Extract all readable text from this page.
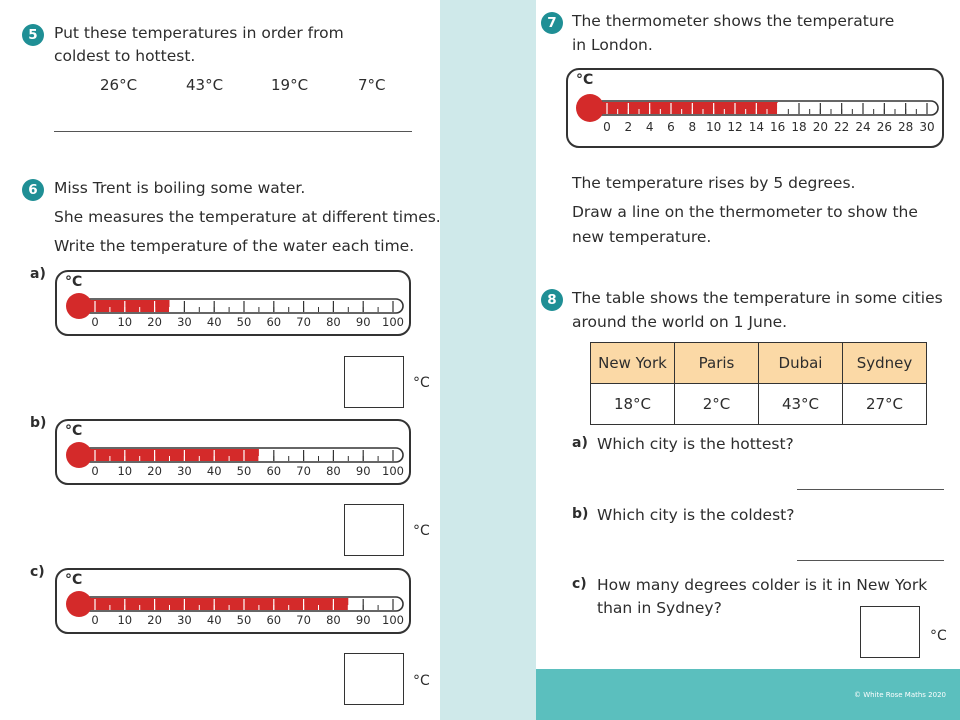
5	Put these temperatures in order from
coldest to hottest.
26°C	43°C	19°C	7°C
6	Miss Trent is boiling some water.
She measures the temperature at different times.
Write the temperature of the water each time.
a) °C
0 10 20 30 40 50 60 70 80 90 100
°C
b) °C
0 10 20 30 40 50 60 70 80 90 100
°C
c) °C
0 10 20 30 40 50 60 70 80 90 100
°C
7 The thermometer shows the temperature
in London.
°C
0 2 4 6 8 10 12 14 16 18 20 22 24 26 28 30
The temperature rises by 5 degrees.
Draw a line on the thermometer to show the
new temperature.
8 The table shows the temperature in some cities
around the world on 1 June.
New York	Paris	Dubai	Sydney
18°C	2°C	43°C	27°C
a) Which city is the hottest?
b) Which city is the coldest?
c) How many degrees colder is it in New York
than in Sydney?
°C
© White Rose Maths 2020
